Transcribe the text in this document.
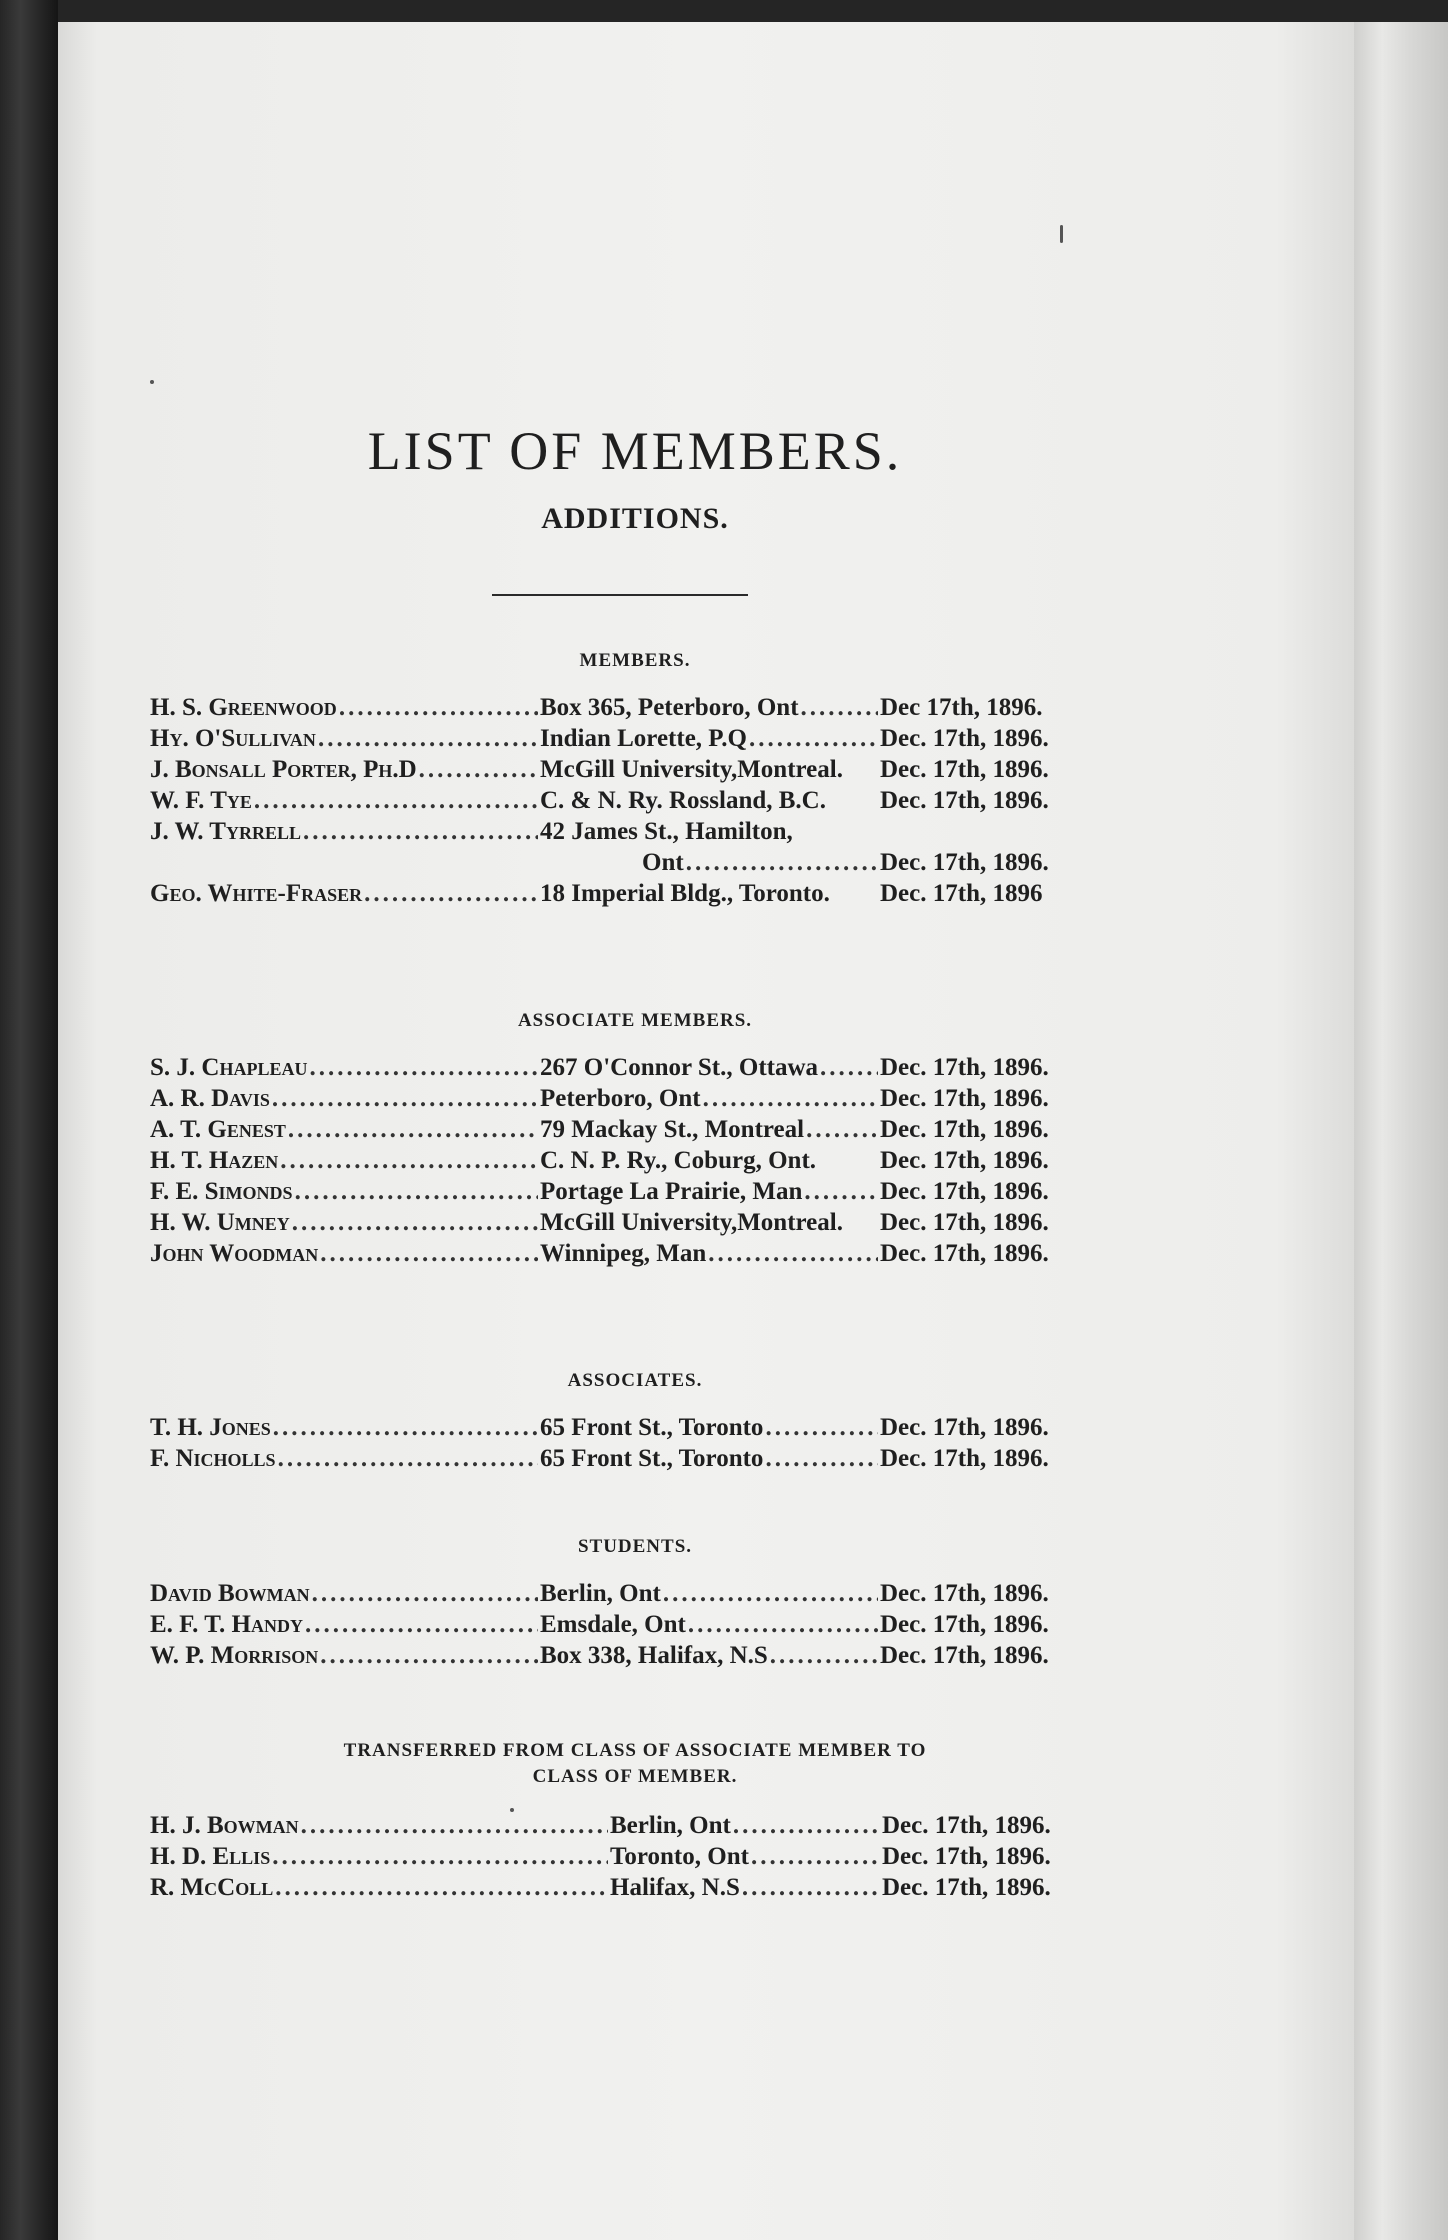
LIST OF MEMBERS.
ADDITIONS.

MEMBERS.

H. S. Greenwood .....	Box 365, Peterboro, Ont .....	Dec 17th, 1896.
Hy. O'Sullivan .....	Indian Lorette, P.Q .....	Dec. 17th, 1896.
J. Bonsall Porter, Ph.D .....	McGill University,Montreal. Dec. 17th, 1896.
W. F. Tye .....	C. & N. Ry. Rossland, B.C. Dec. 17th, 1896.
J. W. Tyrrell .....	42 James St., Hamilton,
Ont .....	Dec. 17th, 1896.
Geo. White-Fraser .....	18 Imperial Bldg., Toronto. Dec. 17th, 1896

ASSOCIATE MEMBERS.

S. J. Chapleau .....	267 O'Connor St., Ottawa ..... Dec. 17th, 1896.
A. R. Davis .....	Peterboro, Ont .....	Dec. 17th, 1896.
A. T. Genest .....	79 Mackay St., Montreal .....	Dec. 17th, 1896.
H. T. Hazen .....	C. N. P. Ry., Coburg, Ont.	Dec. 17th, 1896.
F. E. Simonds .....	Portage La Prairie, Man .....	Dec. 17th, 1896.
H. W. Umney .....	McGill University,Montreal. Dec. 17th, 1896.
John Woodman .....	Winnipeg, Man .....	Dec. 17th, 1896.

ASSOCIATES.

T. H. Jones .....	65 Front St., Toronto .....	Dec. 17th, 1896.
F. Nicholls .....	65 Front St., Toronto .....	Dec. 17th, 1896.

STUDENTS.

David Bowman .....	Berlin, Ont .....	Dec. 17th, 1896.
E. F. T. Handy .....	Emsdale, Ont .....	Dec. 17th, 1896.
W. P. Morrison .....	Box 338, Halifax, N.S .....	Dec. 17th, 1896.

TRANSFERRED FROM CLASS OF ASSOCIATE MEMBER TO CLASS OF MEMBER.

H. J. Bowman .....	Berlin, Ont .....	Dec. 17th, 1896.
H. D. Ellis .....	Toronto, Ont .....	Dec. 17th, 1896.
R. McColl .....	Halifax, N.S .....	Dec. 17th, 1896.
